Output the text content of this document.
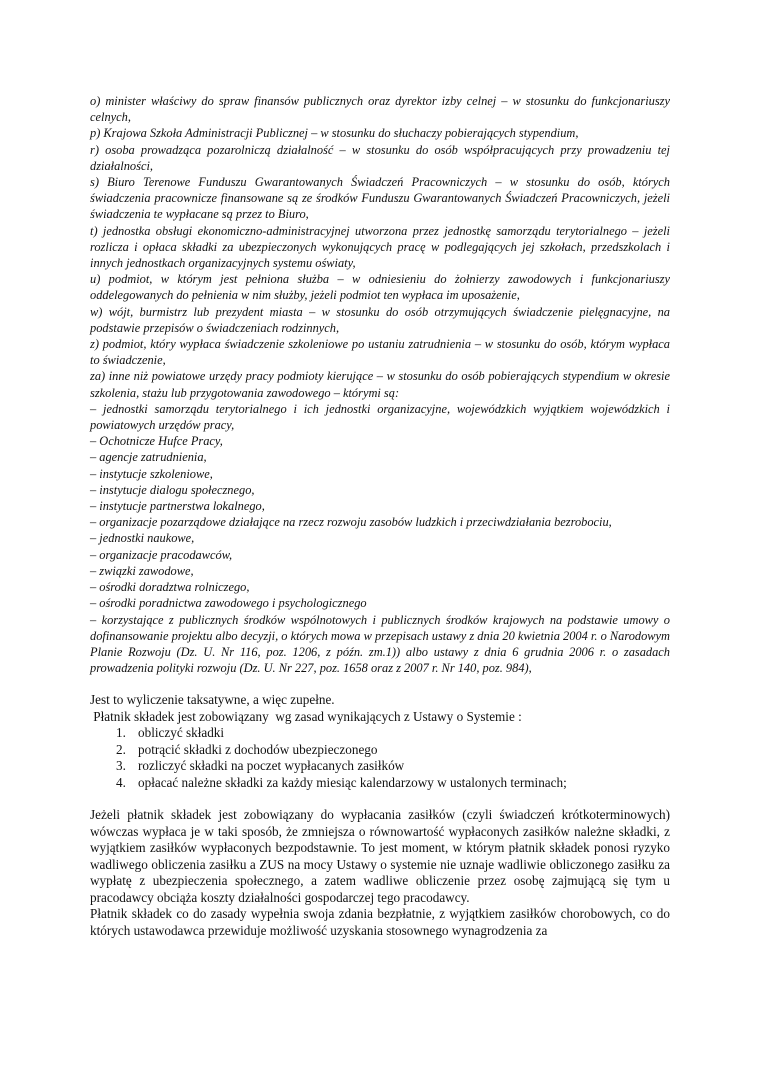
o) minister właściwy do spraw finansów publicznych oraz dyrektor izby celnej – w stosunku do funkcjonariuszy celnych,

p) Krajowa Szkoła Administracji Publicznej – w stosunku do słuchaczy pobierających stypendium,

r) osoba prowadząca pozarolniczą działalność – w stosunku do osób współpracujących przy prowadzeniu tej działalności,

s) Biuro Terenowe Funduszu Gwarantowanych Świadczeń Pracowniczych – w stosunku do osób, których świadczenia pracownicze finansowane są ze środków Funduszu Gwarantowanych Świadczeń Pracowniczych, jeżeli świadczenia te wypłacane są przez to Biuro,

t) jednostka obsługi ekonomiczno-administracyjnej utworzona przez jednostkę samorządu terytorialnego – jeżeli rozlicza i opłaca składki za ubezpieczonych wykonujących pracę w podlegających jej szkołach, przedszkolach i innych jednostkach organizacyjnych systemu oświaty,

u) podmiot, w którym jest pełniona służba – w odniesieniu do żołnierzy zawodowych i funkcjonariuszy oddelegowanych do pełnienia w nim służby, jeżeli podmiot ten wypłaca im uposażenie,

w) wójt, burmistrz lub prezydent miasta – w stosunku do osób otrzymujących świadczenie pielęgnacyjne, na podstawie przepisów o świadczeniach rodzinnych,

z) podmiot, który wypłaca świadczenie szkoleniowe po ustaniu zatrudnienia – w stosunku do osób, którym wypłaca to świadczenie,

za) inne niż powiatowe urzędy pracy podmioty kierujące – w stosunku do osób pobierających stypendium w okresie szkolenia, stażu lub przygotowania zawodowego – którymi są:

– jednostki samorządu terytorialnego i ich jednostki organizacyjne, wojewódzkich wyjątkiem wojewódzkich i powiatowych urzędów pracy,

– Ochotnicze Hufce Pracy,

– agencje zatrudnienia,

– instytucje szkoleniowe,

– instytucje dialogu społecznego,

– instytucje partnerstwa lokalnego,

– organizacje pozarządowe działające na rzecz rozwoju zasobów ludzkich i przeciwdziałania bezrobociu,

– jednostki naukowe,

– organizacje pracodawców,

– związki zawodowe,

– ośrodki doradztwa rolniczego,

– ośrodki poradnictwa zawodowego i psychologicznego

– korzystające z publicznych środków wspólnotowych i publicznych środków krajowych na podstawie umowy o dofinansowanie projektu albo decyzji, o których mowa w przepisach ustawy z dnia 20 kwietnia 2004 r. o Narodowym Planie Rozwoju (Dz. U. Nr 116, poz. 1206, z późn. zm.1)) albo ustawy z dnia 6 grudnia 2006 r. o zasadach prowadzenia polityki rozwoju (Dz. U. Nr 227, poz. 1658 oraz z 2007 r. Nr 140, poz. 984),

Jest to wyliczenie taksatywne, a więc zupełne.

Płatnik składek jest zobowiązany  wg zasad wynikających z Ustawy o Systemie :

1. obliczyć składki
2. potrącić składki z dochodów ubezpieczonego
3. rozliczyć składki na poczet wypłacanych zasiłków
4. opłacać należne składki za każdy miesiąc kalendarzowy w ustalonych terminach;

Jeżeli płatnik składek jest zobowiązany do wypłacania zasiłków (czyli świadczeń krótkoterminowych) wówczas wypłaca je w taki sposób, że zmniejsza o równowartość wypłaconych zasiłków należne składki, z wyjątkiem zasiłków wypłaconych bezpodstawnie. To jest moment, w którym płatnik składek ponosi ryzyko wadliwego obliczenia zasiłku a ZUS na mocy Ustawy o systemie nie uznaje wadliwie obliczonego zasiłku za wypłatę z ubezpieczenia społecznego, a zatem wadliwe obliczenie przez osobę zajmującą się tym u pracodawcy obciąża koszty działalności gospodarczej tego pracodawcy.

Płatnik składek co do zasady wypełnia swoja zdania bezpłatnie, z wyjątkiem zasiłków chorobowych, co do których ustawodawca przewiduje możliwość uzyskania stosownego wynagrodzenia za
